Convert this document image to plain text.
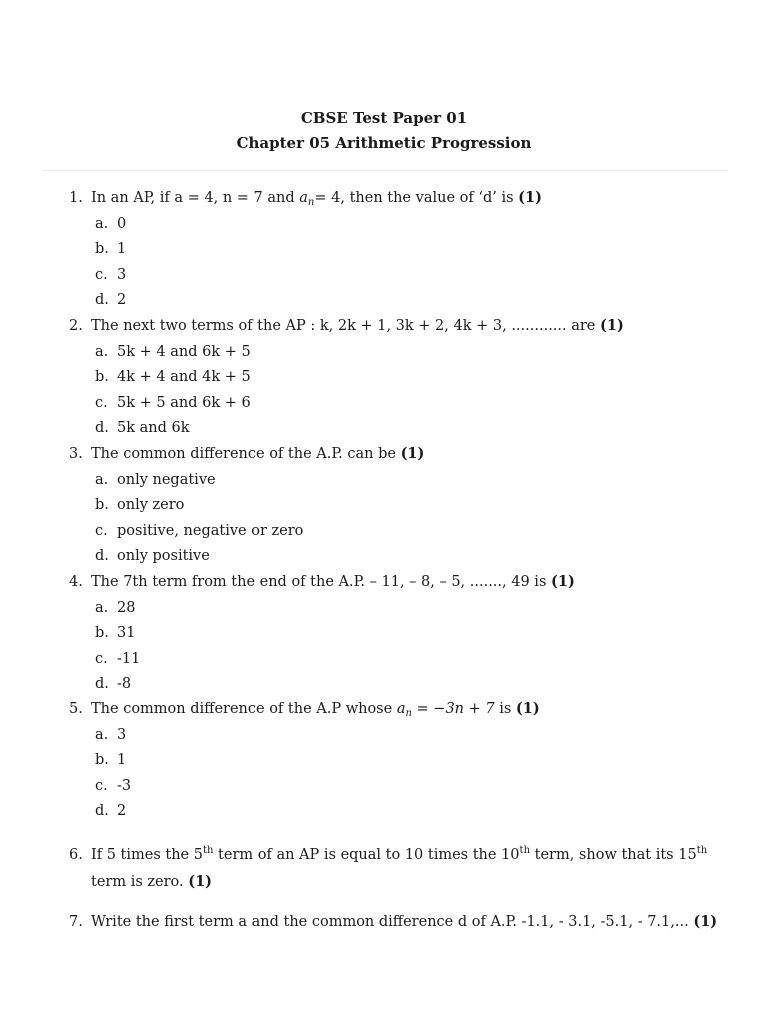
CBSE Test Paper 01
Chapter 05 Arithmetic Progression
1. In an AP, if a = 4, n = 7 and $a_n= 4$, then the value of ‘d’ is (1)
a. 0
b. 1
c. 3
d. 2
2. The next two terms of the AP : k, 2k + 1, 3k + 2, 4k + 3, ............ are (1)
a. 5k + 4 and 6k + 5
b. 4k + 4 and 4k + 5
c. 5k + 5 and 6k + 6
d. 5k and 6k
3. The common difference of the A.P. can be (1)
a. only negative
b. only zero
c. positive, negative or zero
d. only positive
4. The 7th term from the end of the A.P. – 11, – 8, – 5, ......., 49 is (1)
a. 28
b. 31
c. -11
d. -8
5. The common difference of the A.P whose $a_n = -3n + 7$ is (1)
a. 3
b. 1
c. -3
d. 2
6. If 5 times the 5th term of an AP is equal to 10 times the 10th term, show that its 15th
term is zero. (1)
7. Write the first term a and the common difference d of A.P. -1.1, - 3.1, -5.1, - 7.1,... (1)
